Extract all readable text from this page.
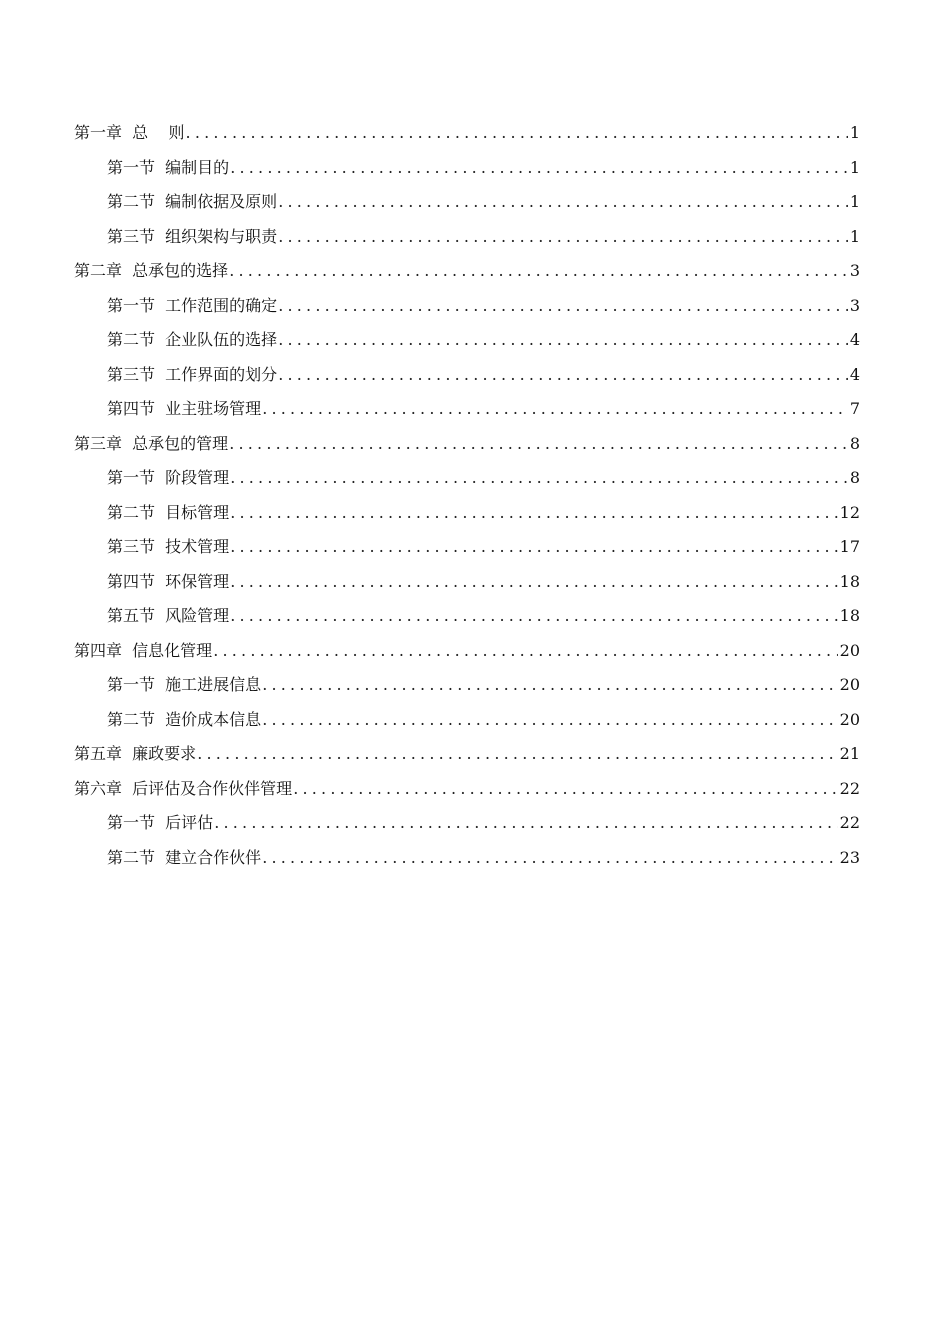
第一章  总    则 .....	1
第一节  编制目的 .....	1
第二节  编制依据及原则 .....	1
第三节  组织架构与职责 .....	1
第二章  总承包的选择 .....	3
第一节  工作范围的确定 .....	3
第二节  企业队伍的选择 .....	4
第三节  工作界面的划分 .....	4
第四节  业主驻场管理 .....	7
第三章  总承包的管理 .....	8
第一节  阶段管理 .....	8
第二节  目标管理 .....	12
第三节  技术管理 .....	17
第四节  环保管理 .....	18
第五节  风险管理 .....	18
第四章  信息化管理 .....	20
第一节  施工进展信息 .....	20
第二节  造价成本信息 .....	20
第五章  廉政要求 .....	21
第六章  后评估及合作伙伴管理 .....	22
第一节  后评估 .....	22
第二节  建立合作伙伴 .....	23
